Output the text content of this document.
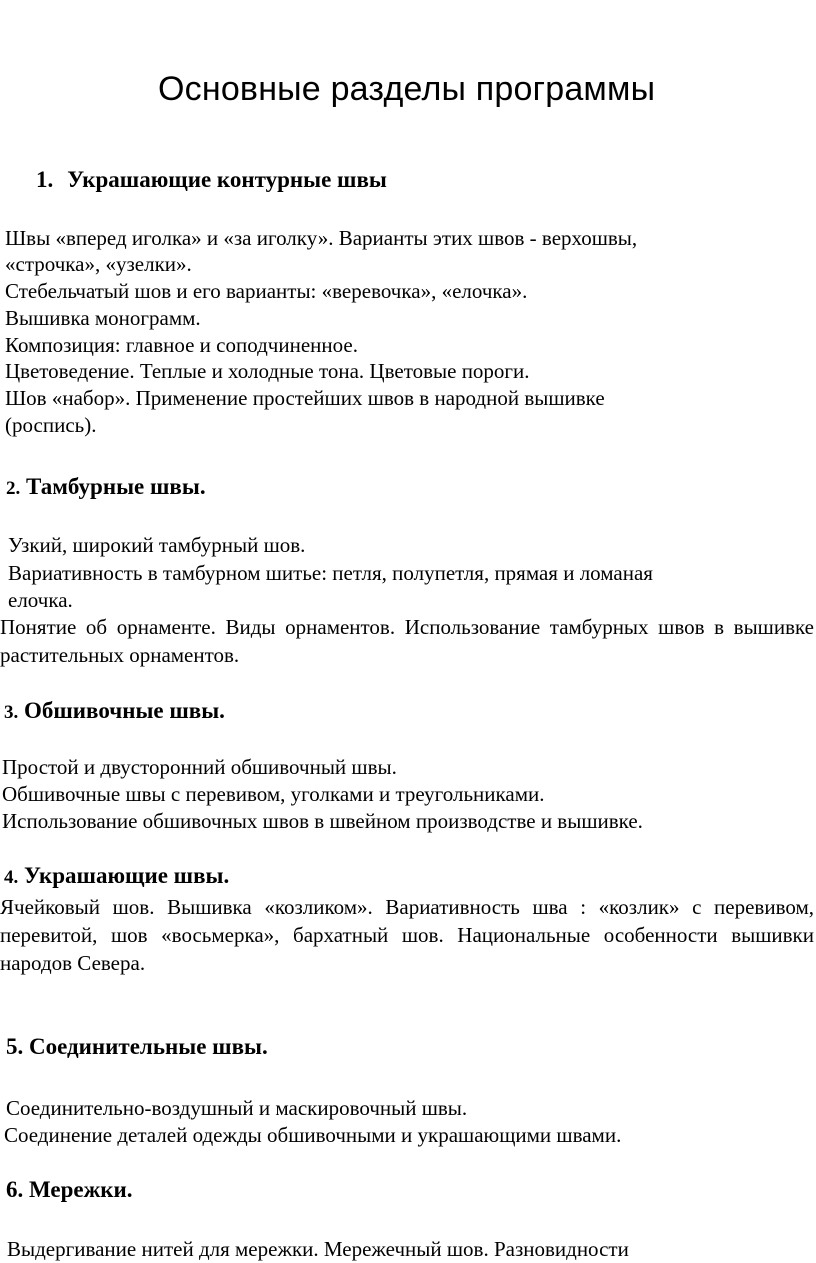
Основные разделы программы
1. Украшающие контурные швы
Швы «вперед иголка» и «за иголку». Варианты этих швов - верхошвы,
«строчка», «узелки».
Стебельчатый шов и его варианты: «веревочка», «елочка».
Вышивка монограмм.
Композиция: главное и соподчиненное.
Цветоведение. Теплые и холодные тона. Цветовые пороги.
Шов «набор». Применение простейших швов в народной вышивке
(роспись).
2. Тамбурные швы.
Узкий, широкий тамбурный шов.
Вариативность в тамбурном шитье: петля, полупетля, прямая и ломаная
елочка.

Понятие об орнаменте. Виды орнаментов. Использование тамбурных швов в вышивке растительных орнаментов.

3. Обшивочные швы.
Простой и двусторонний обшивочный швы.
Обшивочные швы с перевивом, уголками и треугольниками.
Использование обшивочных швов в швейном производстве и вышивке.
4. Украшающие швы.

Ячейковый шов. Вышивка «козликом». Вариативность шва : «козлик» с перевивом, перевитой, шов «восьмерка», бархатный шов. Национальные особенности вышивки народов Севера.

5. Соединительные швы.
Соединительно-воздушный и маскировочный швы.
Соединение деталей одежды обшивочными и украшающими швами.
6. Мережки.
Выдергивание нитей для мережки. Мережечный шов. Разновидности
